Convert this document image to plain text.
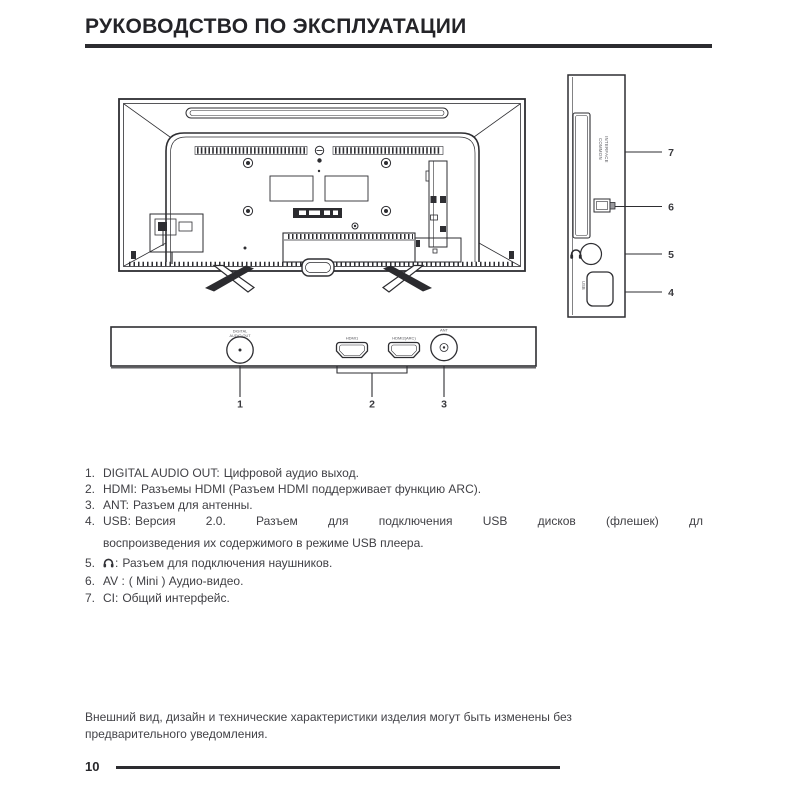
РУКОВОДСТВО ПО ЭКСПЛУАТАЦИИ
COMMON INTERFACE
USB
7
6
5
4
DIGITAL
AUDIO OUT	HDMI1	HDMI2(ARC)
ANT
1	2	3
1. DIGITAL AUDIO OUT: Цифровой аудио выход.
2. HDMI: Разъемы HDMI (Разъем HDMI поддерживает функцию ARC).
3. ANT: Разъем для антенны.
4. USB: Версия 2.0. Разъем для подключения USB дисков (флешек) дл
воспроизведения их содержимого в режиме USB плеера.
5.	: Разъем для подключения наушников.
6. AV : ( Mini ) Аудио-видео.
7. CI: Общий интерфейс.
Внешний вид, дизайн и технические характеристики изделия могут быть изменены без
предварительного уведомления.
10
